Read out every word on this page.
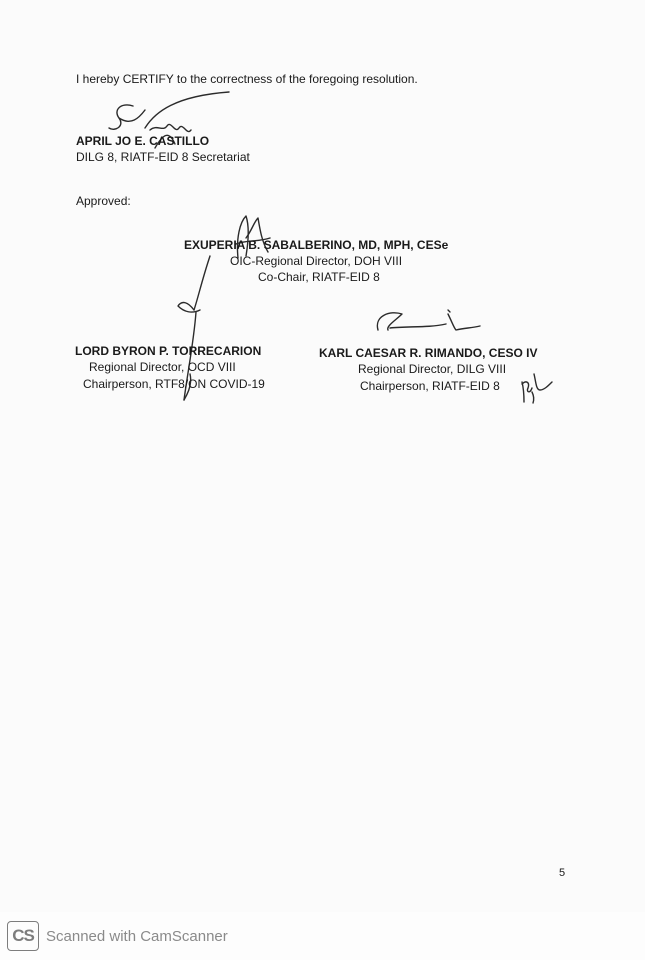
I hereby CERTIFY to the correctness of the foregoing resolution.
APRIL JO E. CASTILLO
DILG 8, RIATF-EID 8 Secretariat
Approved:
EXUPERIA B. SABALBERINO, MD, MPH, CESe
OIC-Regional Director, DOH VIII
Co-Chair, RIATF-EID 8
LORD BYRON P. TORRECARION
Regional Director, OCD VIII
Chairperson, RTF8/ON COVID-19
KARL CAESAR R. RIMANDO, CESO IV
Regional Director, DILG VIII
Chairperson, RIATF-EID 8
5
CS Scanned with CamScanner
